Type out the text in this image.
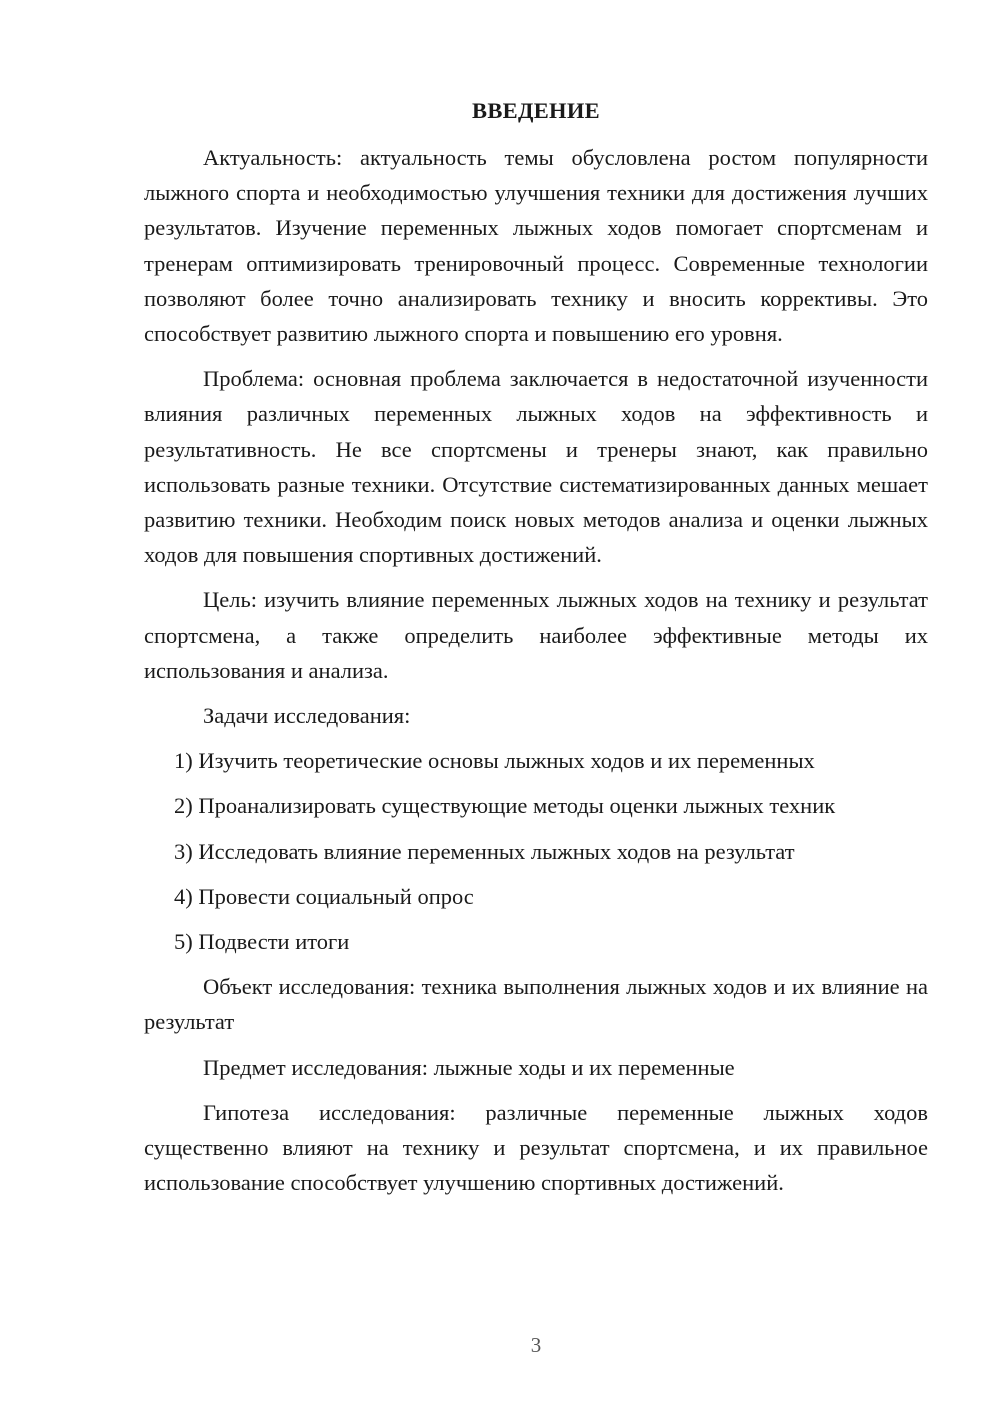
ВВЕДЕНИЕ

Актуальность: актуальность темы обусловлена ростом популярности лыжного спорта и необходимостью улучшения техники для достижения лучших результатов. Изучение переменных лыжных ходов помогает спортсменам и тренерам оптимизировать тренировочный процесс. Современные технологии позволяют более точно анализировать технику и вносить коррективы. Это способствует развитию лыжного спорта и повышению его уровня.

Проблема: основная проблема заключается в недостаточной изученности влияния различных переменных лыжных ходов на эффективность и результативность. Не все спортсмены и тренеры знают, как правильно использовать разные техники. Отсутствие систематизированных данных мешает развитию техники. Необходим поиск новых методов анализа и оценки лыжных ходов для повышения спортивных достижений.

Цель: изучить влияние переменных лыжных ходов на технику и результат спортсмена, а также определить наиболее эффективные методы их использования и анализа.

Задачи исследования:

1) Изучить теоретические основы лыжных ходов и их переменных
2) Проанализировать существующие методы оценки лыжных техник
3) Исследовать влияние переменных лыжных ходов на результат
4) Провести социальный опрос
5) Подвести итоги

Объект исследования: техника выполнения лыжных ходов и их влияние на результат

Предмет исследования: лыжные ходы и их переменные

Гипотеза исследования: различные переменные лыжных ходов существенно влияют на технику и результат спортсмена, и их правильное использование способствует улучшению спортивных достижений.

3
